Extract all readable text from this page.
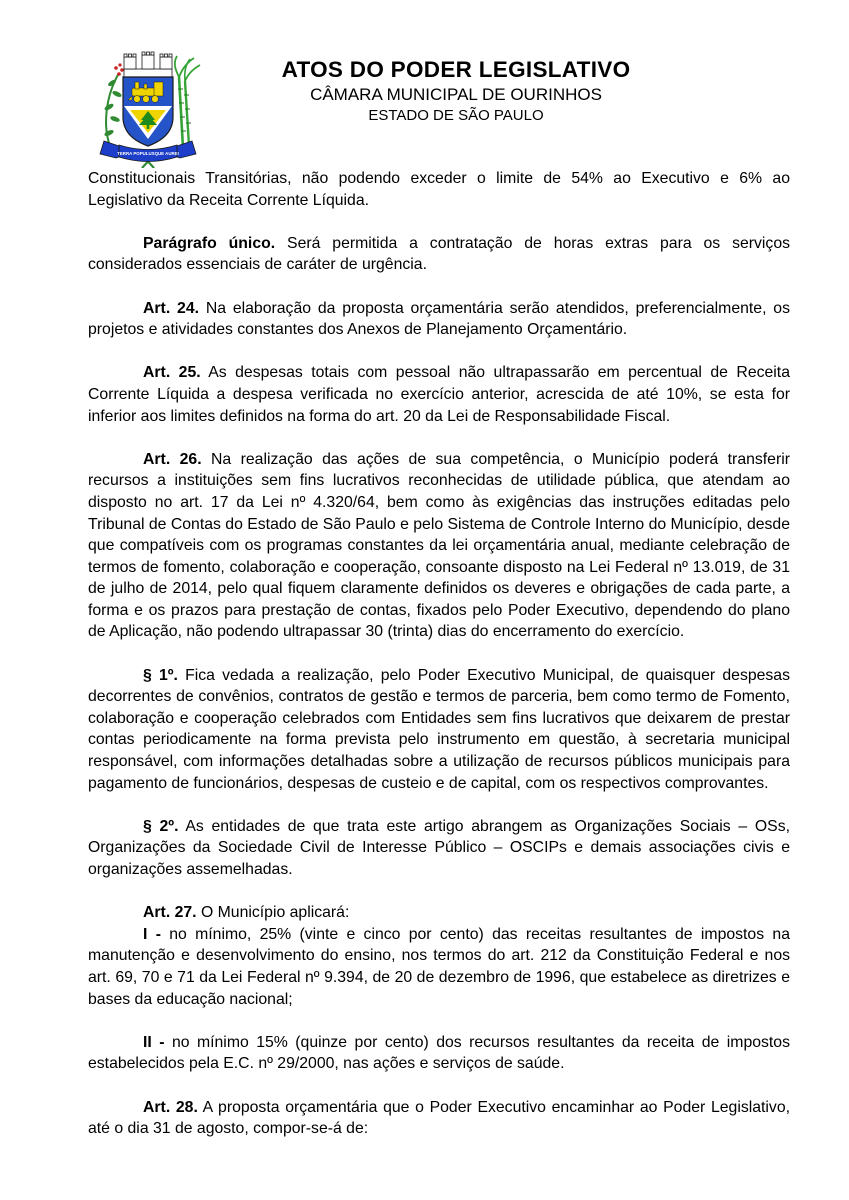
TERRA POPULUSQUE AUREI
ATOS DO PODER LEGISLATIVO
CÂMARA MUNICIPAL DE OURINHOS
ESTADO DE SÃO PAULO

Constitucionais Transitórias, não podendo exceder o limite de 54% ao Executivo e 6% ao Legislativo da Receita Corrente Líquida.

Parágrafo único. Será permitida a contratação de horas extras para os serviços considerados essenciais de caráter de urgência.

Art. 24. Na elaboração da proposta orçamentária serão atendidos, preferencialmente, os projetos e atividades constantes dos Anexos de Planejamento Orçamentário.

Art. 25. As despesas totais com pessoal não ultrapassarão em percentual de Receita Corrente Líquida a despesa verificada no exercício anterior, acrescida de até 10%, se esta for inferior aos limites definidos na forma do art. 20 da Lei de Responsabilidade Fiscal.

Art. 26. Na realização das ações de sua competência, o Município poderá transferir recursos a instituições sem fins lucrativos reconhecidas de utilidade pública, que atendam ao disposto no art. 17 da Lei nº 4.320/64, bem como às exigências das instruções editadas pelo Tribunal de Contas do Estado de São Paulo e pelo Sistema de Controle Interno do Município, desde que compatíveis com os programas constantes da lei orçamentária anual, mediante celebração de termos de fomento, colaboração e cooperação, consoante disposto na Lei Federal nº 13.019, de 31 de julho de 2014, pelo qual fiquem claramente definidos os deveres e obrigações de cada parte, a forma e os prazos para prestação de contas, fixados pelo Poder Executivo, dependendo do plano de Aplicação, não podendo ultrapassar 30 (trinta) dias do encerramento do exercício.

§ 1º. Fica vedada a realização, pelo Poder Executivo Municipal, de quaisquer despesas decorrentes de convênios, contratos de gestão e termos de parceria, bem como termo de Fomento, colaboração e cooperação celebrados com Entidades sem fins lucrativos que deixarem de prestar contas periodicamente na forma prevista pelo instrumento em questão, à secretaria municipal responsável, com informações detalhadas sobre a utilização de recursos públicos municipais para pagamento de funcionários, despesas de custeio e de capital, com os respectivos comprovantes.

§ 2º. As entidades de que trata este artigo abrangem as Organizações Sociais – OSs, Organizações da Sociedade Civil de Interesse Público – OSCIPs e demais associações civis e organizações assemelhadas.

Art. 27. O Município aplicará:

I - no mínimo, 25% (vinte e cinco por cento) das receitas resultantes de impostos na manutenção e desenvolvimento do ensino, nos termos do art. 212 da Constituição Federal e nos art. 69, 70 e 71 da Lei Federal nº 9.394, de 20 de dezembro de 1996, que estabelece as diretrizes e bases da educação nacional;

II - no mínimo 15% (quinze por cento) dos recursos resultantes da receita de impostos estabelecidos pela E.C. nº 29/2000, nas ações e serviços de saúde.

Art. 28. A proposta orçamentária que o Poder Executivo encaminhar ao Poder Legislativo, até o dia 31 de agosto, compor-se-á de:
